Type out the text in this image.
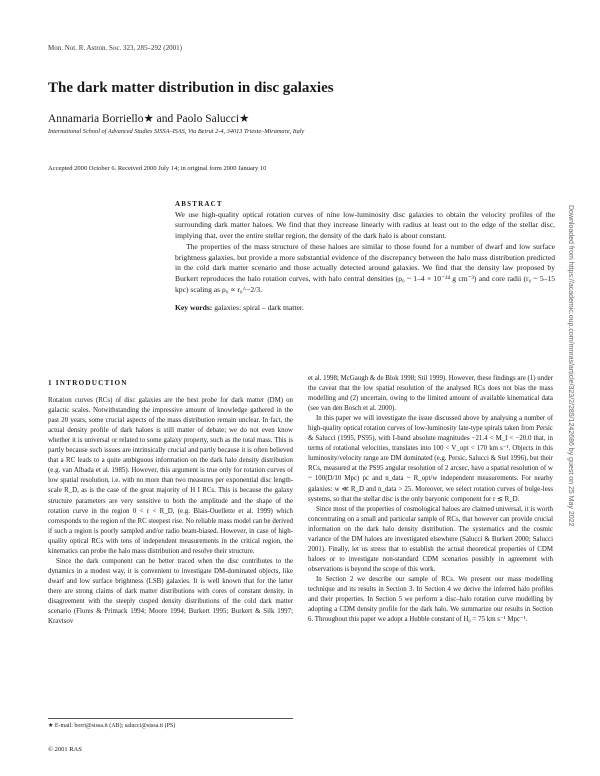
Mon. Not. R. Astron. Soc. 323, 285–292 (2001)
The dark matter distribution in disc galaxies
Annamaria Borriello★ and Paolo Salucci★
International School of Advanced Studies SISSA–ISAS, Via Beirut 2-4, 34013 Trieste–Miramare, Italy
Accepted 2000 October 6. Received 2000 July 14; in original form 2000 January 10
ABSTRACT

We use high-quality optical rotation curves of nine low-luminosity disc galaxies to obtain the velocity profiles of the surrounding dark matter haloes. We find that they increase linearly with radius at least out to the edge of the stellar disc, implying that, over the entire stellar region, the density of the dark halo is about constant.

The properties of the mass structure of these haloes are similar to those found for a number of dwarf and low surface brightness galaxies, but provide a more substantial evidence of the discrepancy between the halo mass distribution predicted in the cold dark matter scenario and those actually detected around galaxies. We find that the density law proposed by Burkert reproduces the halo rotation curves, with halo central densities (ρ₀ ~ 1–4 × 10⁻²⁴ g cm⁻³) and core radii (r₀ ~ 5–15 kpc) scaling as ρ₀ ∝ r₀^−2/3.

Key words: galaxies: spiral – dark matter.
1 INTRODUCTION

Rotation curves (RCs) of disc galaxies are the best probe for dark matter (DM) on galactic scales. Notwithstanding the impressive amount of knowledge gathered in the past 20 years, some crucial aspects of the mass distribution remain unclear. In fact, the actual density profile of dark haloes is still matter of debate; we do not even know whether it is universal or related to some galaxy property, such as the total mass. This is partly because such issues are intrinsically crucial and partly because it is often believed that a RC leads to a quite ambiguous information on the dark halo density distribution (e.g. van Albada et al. 1985). However, this argument is true only for rotation curves of low spatial resolution, i.e. with no more than two measures per exponential disc length-scale R_D, as is the case of the great majority of H I RCs. This is because the galaxy structure parameters are very sensitive to both the amplitude and the shape of the rotation curve in the region 0 < r < R_D, (e.g. Blais-Ouellette et al. 1999) which corresponds to the region of the RC steepest rise. No reliable mass model can be derived if such a region is poorly sampled and/or radio beam-biased. However, in case of high-quality optical RCs with tens of independent measurements in the critical region, the kinematics can probe the halo mass distribution and resolve their structure.

Since the dark component can be better traced when the disc contributes to the dynamics in a modest way, it is convenient to investigate DM-dominated objects, like dwarf and low surface brightness (LSB) galaxies. It is well known that for the latter there are strong claims of dark matter distributions with cores of constant density, in disagreement with the steeply cusped density distributions of the cold dark matter scenario (Flores & Primack 1994; Moore 1994; Burkert 1995; Burkert & Silk 1997; Kravtsov

et al. 1998; McGaugh & de Blok 1998; Stil 1999). However, these findings are (1) under the caveat that the low spatial resolution of the analysed RCs does not bias the mass modelling and (2) uncertain, owing to the limited amount of available kinematical data (see van den Bosch et al. 2000).

In this paper we will investigate the issue discussed above by analysing a number of high-quality optical rotation curves of low-luminosity late-type spirals taken from Persic & Salucci (1995, PS95), with I-band absolute magnitudes −21.4 < M_I < −20.0 that, in terms of rotational velocities, translates into 100 < V_opt < 170 km s⁻¹. Objects in this luminosity/velocity range are DM dominated (e.g. Persic, Salucci & Stel 1996), but their RCs, measured at the PS95 angular resolution of 2 arcsec, have a spatial resolution of w ~ 100(D/10 Mpc) pc and n_data ~ R_opt/w independent measurements. For nearby galaxies: w ≪ R_D and n_data > 25. Moreover, we select rotation curves of bulge-less systems, so that the stellar disc is the only baryonic component for r ≲ R_D.

Since most of the properties of cosmological haloes are claimed universal, it is worth concentrating on a small and particular sample of RCs, that however can provide crucial information on the dark halo density distribution. The systematics and the cosmic variance of the DM haloes are investigated elsewhere (Salucci & Burkert 2000; Salucci 2001). Finally, let us stress that to establish the actual theoretical properties of CDM haloes or to investigate non-standard CDM scenarios possibly in agreement with observations is beyond the scope of this work.

In Section 2 we describe our sample of RCs. We present our mass modelling technique and its results in Section 3. In Section 4 we derive the inferred halo profiles and their properties. In Section 5 we perform a disc–halo rotation curve modelling by adopting a CDM density profile for the dark halo. We summarize our results in Section 6. Throughout this paper we adopt a Hubble constant of H₀ = 75 km s⁻¹ Mpc⁻¹.

★ E-mail: borri@sissa.it (AB); salucci@sissa.it (PS)
© 2001 RAS
Downloaded from https://academic.oup.com/mnras/article/323/2/285/1242686 by guest on 25 May 2022
